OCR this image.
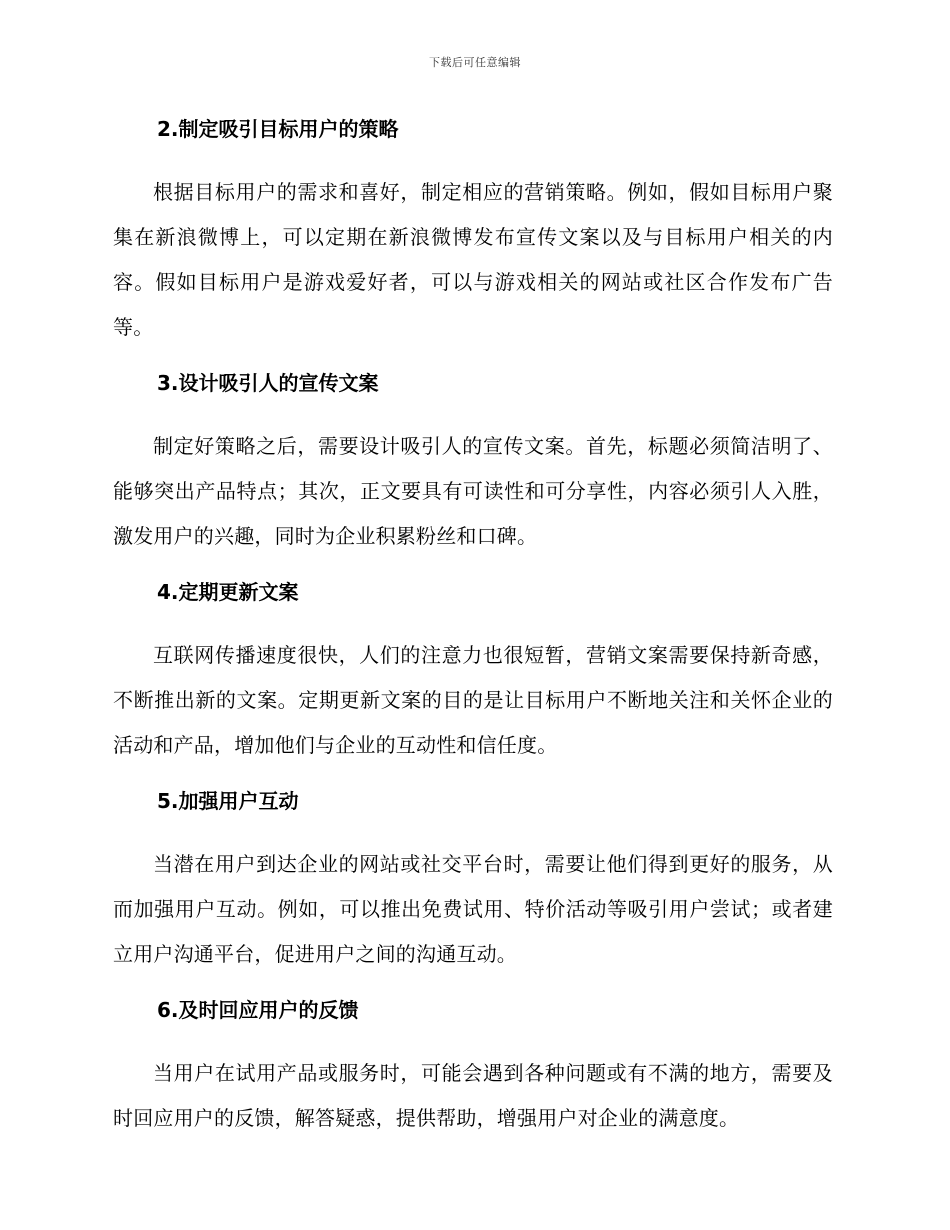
下载后可任意编辑
2.制定吸引目标用户的策略

根据目标用户的需求和喜好，制定相应的营销策略。例如，假如目标用户聚集在新浪微博上，可以定期在新浪微博发布宣传文案以及与目标用户相关的内容。假如目标用户是游戏爱好者，可以与游戏相关的网站或社区合作发布广告等。

3.设计吸引人的宣传文案

制定好策略之后，需要设计吸引人的宣传文案。首先，标题必须简洁明了、能够突出产品特点；其次，正文要具有可读性和可分享性，内容必须引人入胜，激发用户的兴趣，同时为企业积累粉丝和口碑。

4.定期更新文案

互联网传播速度很快，人们的注意力也很短暂，营销文案需要保持新奇感，不断推出新的文案。定期更新文案的目的是让目标用户不断地关注和关怀企业的活动和产品，增加他们与企业的互动性和信任度。

5.加强用户互动

当潜在用户到达企业的网站或社交平台时，需要让他们得到更好的服务，从而加强用户互动。例如，可以推出免费试用、特价活动等吸引用户尝试；或者建立用户沟通平台，促进用户之间的沟通互动。

6.及时回应用户的反馈

当用户在试用产品或服务时，可能会遇到各种问题或有不满的地方，需要及时回应用户的反馈，解答疑惑，提供帮助，增强用户对企业的满意度。
